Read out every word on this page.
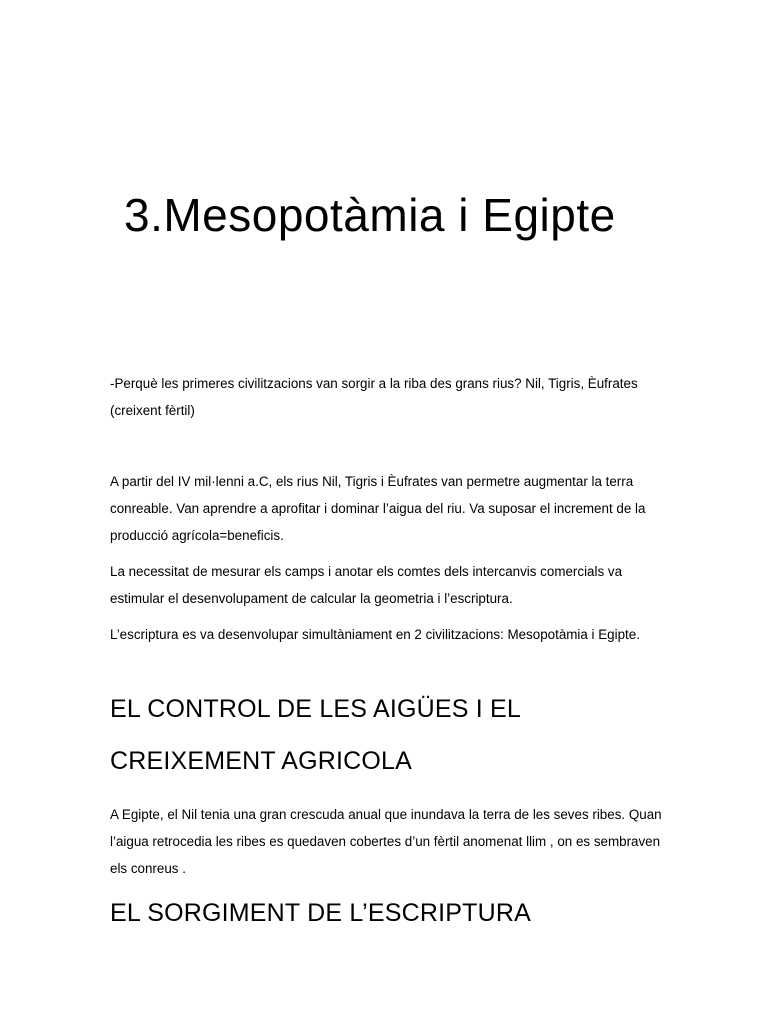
3.Mesopotàmia i Egipte

-Perquè les primeres civilitzacions van sorgir a la riba des grans rius? Nil, Tigris, Èufrates (creixent fèrtil)

A partir del IV mil·lenni a.C, els rius Nil, Tigris i Èufrates van permetre augmentar la terra conreable. Van aprendre a aprofitar i dominar l’aigua del riu. Va suposar el increment de la producció agrícola=beneficis.

La necessitat de mesurar els camps i anotar els comtes dels intercanvis comercials va estimular el desenvolupament de calcular la geometria i l’escriptura.

L’escriptura es va desenvolupar simultàniament en 2 civilitzacions: Mesopotàmia i Egipte.

EL CONTROL DE LES AIGÜES I EL CREIXEMENT AGRICOLA

A Egipte, el Nil tenia una gran crescuda anual que inundava la terra de les seves ribes. Quan l’aigua retrocedia les ribes es quedaven cobertes d’un fèrtil anomenat llim , on es sembraven els conreus .

EL SORGIMENT DE L’ESCRIPTURA
